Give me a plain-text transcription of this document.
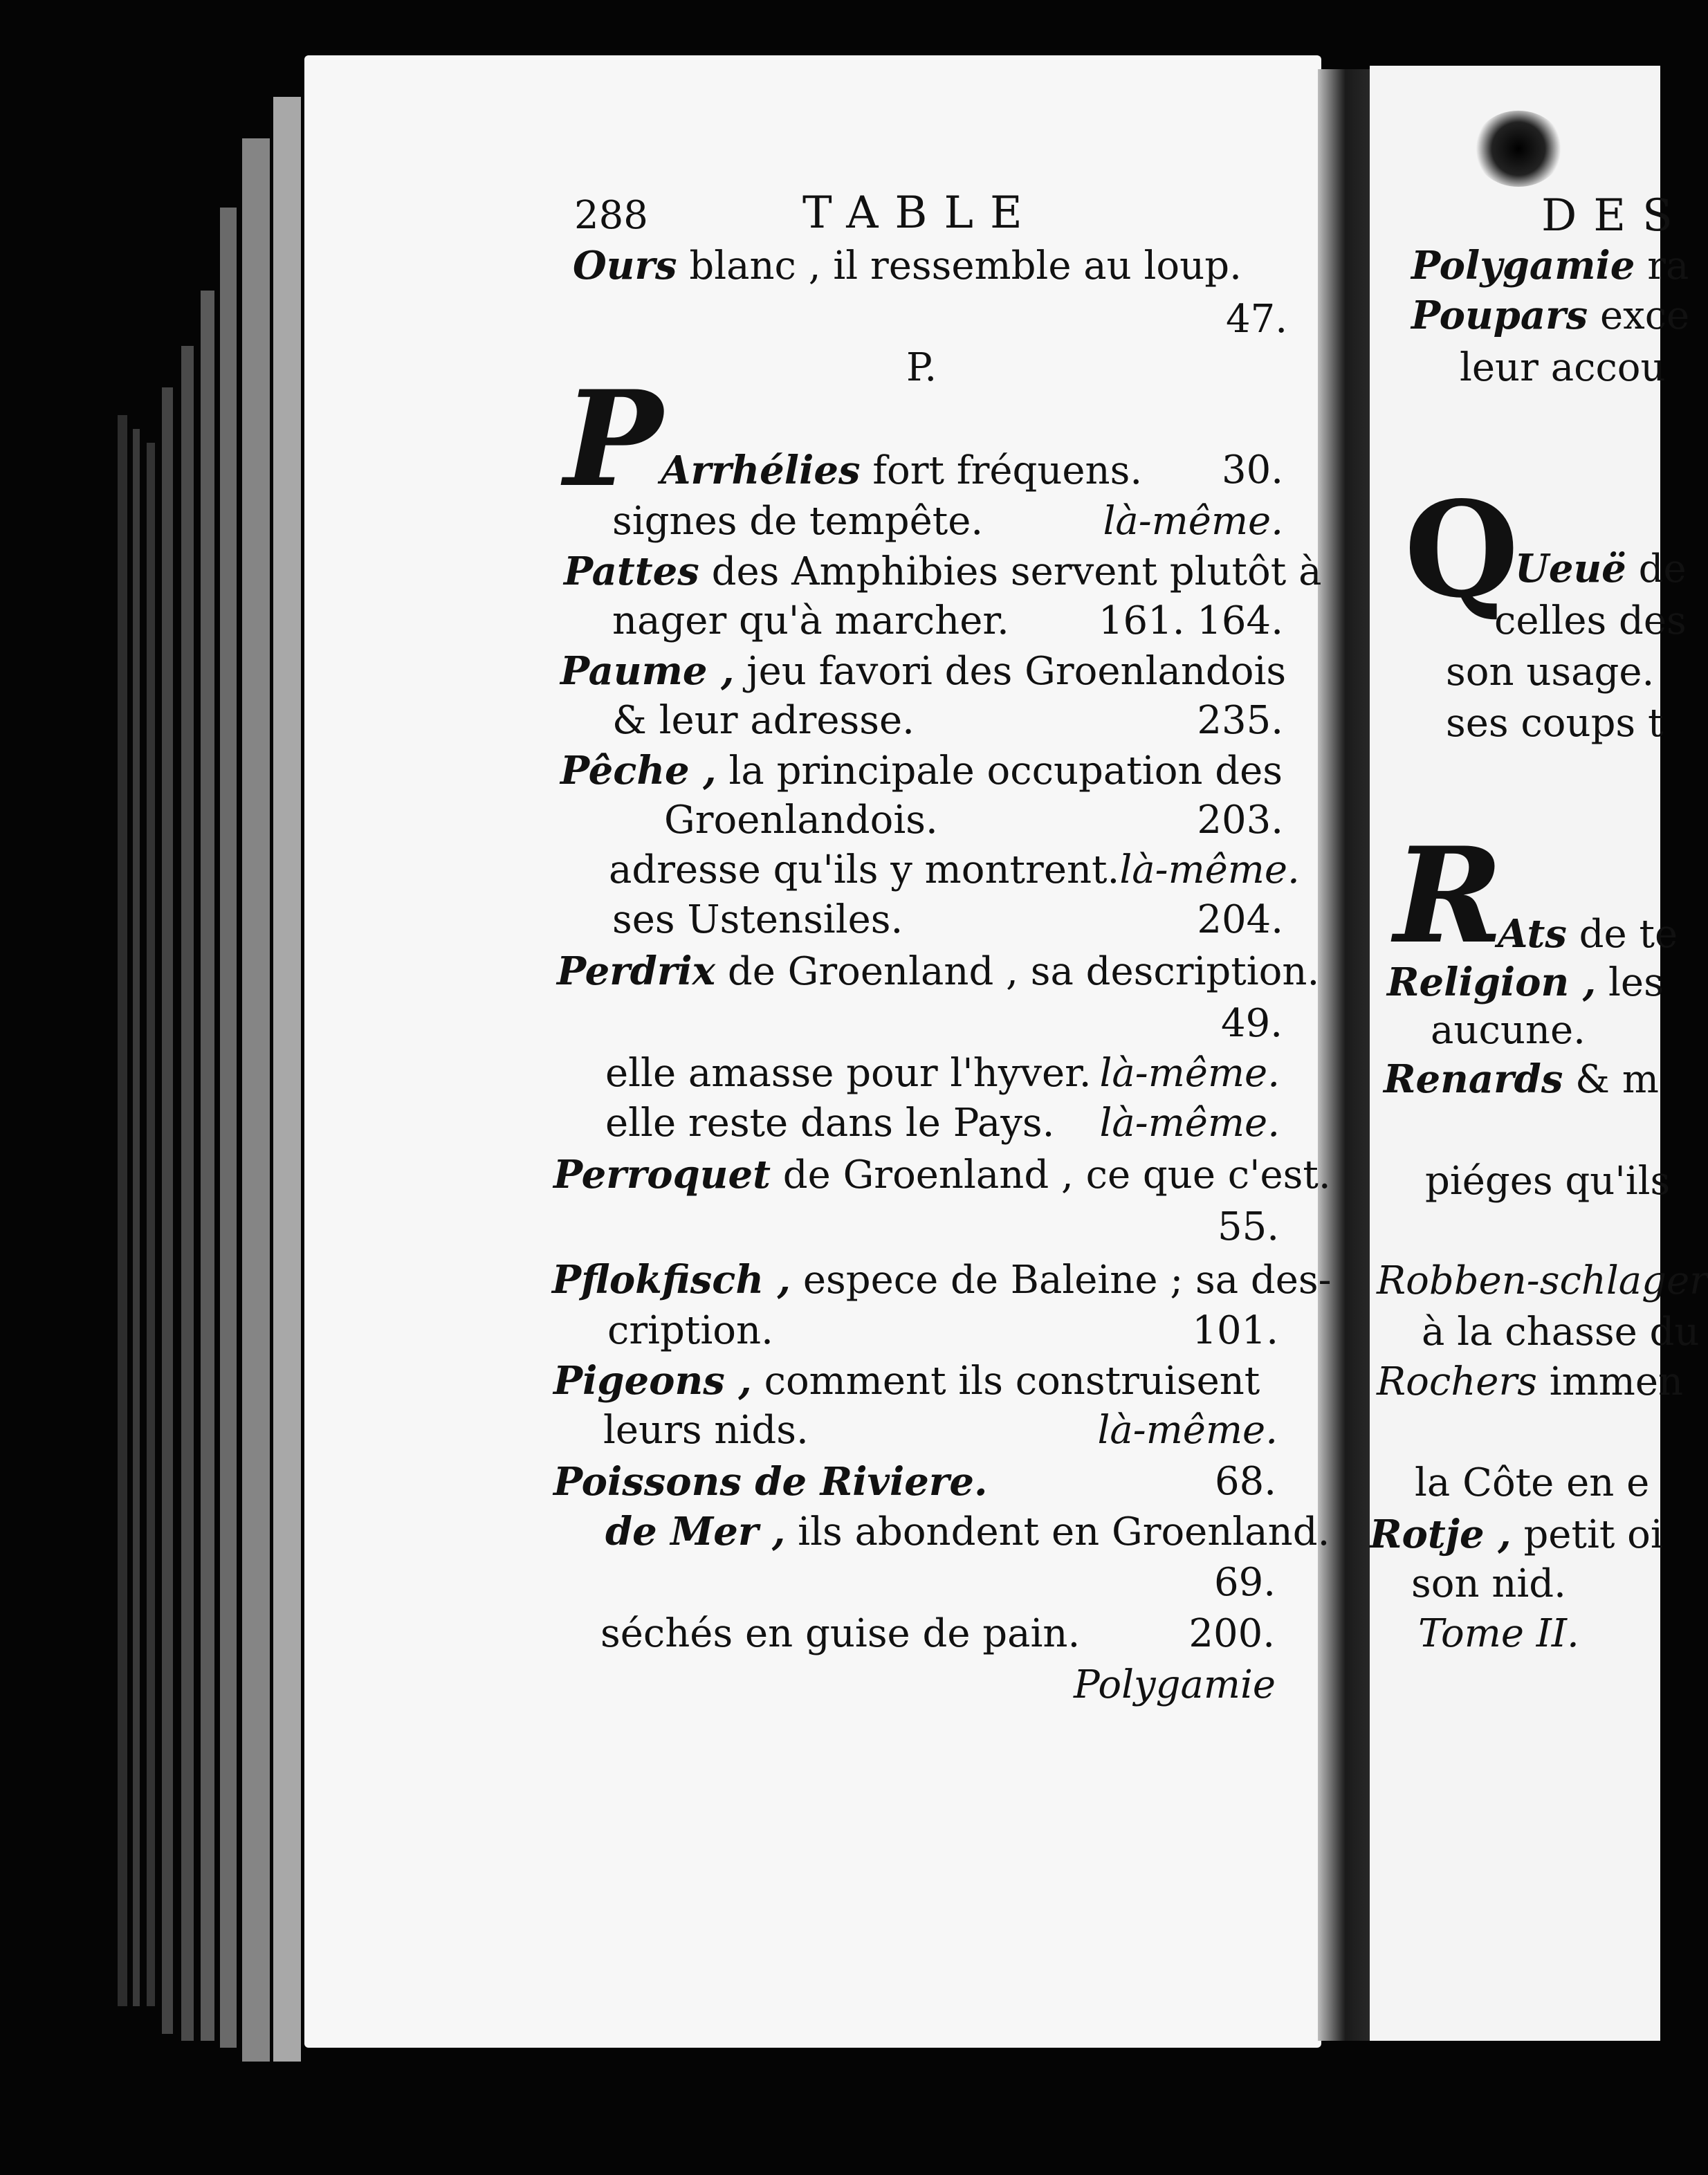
288	TABLE
Ours blanc , il ressemble au loup.
47.
P.
P
Arrhélies fort fréquens. 30.
signes de tempête.	là-même.
Pattes des Amphibies servent plutôt à
nager qu'à marcher. 161. 164.
Paume , jeu favori des Groenlandois
& leur adresse.	235.
Pêche , la principale occupation des
Groenlandois.	203.
adresse qu'ils y montrent. là-même.
ses Ustensiles.	204.
Perdrix de Groenland , sa description.
49.
elle amasse pour l'hyver. là-même.
elle reste dans le Pays. là-même.
Perroquet de Groenland , ce que c'est.
55.
Pflokfisch , espece de Baleine ; sa des-
cription.	101.
Pigeons , comment ils construisent
leurs nids.	là-même.
Poissons de Riviere.	68.
de Mer , ils abondent en Groenland.
69.
séchés en guise de pain.	200.
Polygamie
DES
Polygamie ra
Poupars exce
leur accou
Q
Ueuë de
celles des
son usage.
ses coups t
R
Ats de te
Religion , les
aucune.
Renards & m
piéges qu'ils
Robben-schlager
à la chasse du
Rochers immen
la Côte en e
Rotje , petit oi
son nid.
Tome II.
